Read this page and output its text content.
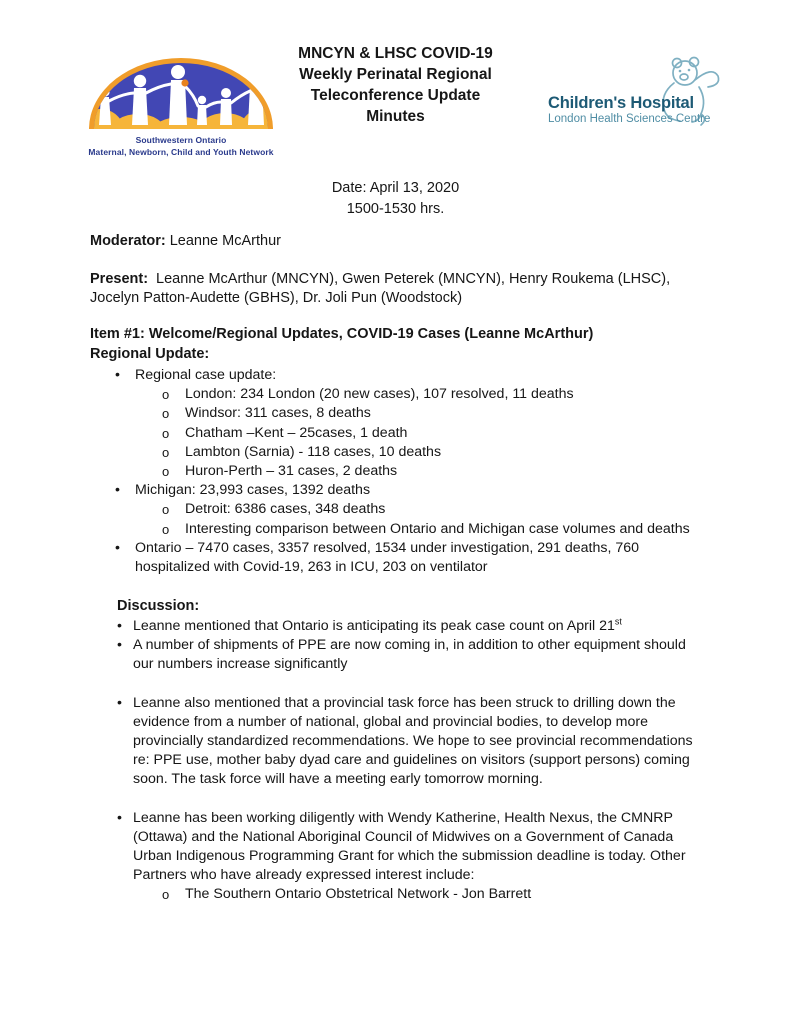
Southwestern Ontario
Maternal, Newborn, Child and Youth Network
MNCYN & LHSC COVID-19
Weekly Perinatal Regional
Teleconference Update
Minutes
Children's Hospital
London Health Sciences Centre
Date: April 13, 2020
1500-1530 hrs.
Moderator: Leanne McArthur
Present: Leanne McArthur (MNCYN), Gwen Peterek (MNCYN), Henry Roukema (LHSC), Jocelyn Patton-Audette (GBHS), Dr. Joli Pun (Woodstock)
Item #1: Welcome/Regional Updates, COVID-19 Cases (Leanne McArthur)
Regional Update:
•	Regional case update:
o	London: 234 London (20 new cases), 107 resolved, 11 deaths
o	Windsor: 311 cases, 8 deaths
o	Chatham –Kent – 25cases, 1 death
o	Lambton (Sarnia) - 118 cases, 10 deaths
o	Huron-Perth – 31 cases, 2 deaths
•	Michigan: 23,993 cases, 1392 deaths
o	Detroit: 6386 cases, 348 deaths
o	Interesting comparison between Ontario and Michigan case volumes and deaths
•	Ontario – 7470 cases, 3357 resolved, 1534 under investigation, 291 deaths, 760 hospitalized with Covid-19, 263 in ICU, 203 on ventilator
Discussion:
• Leanne mentioned that Ontario is anticipating its peak case count on April 21st
• A number of shipments of PPE are now coming in, in addition to other equipment should our numbers increase significantly
• Leanne also mentioned that a provincial task force has been struck to drilling down the evidence from a number of national, global and provincial bodies, to develop more provincially standardized recommendations. We hope to see provincial recommendations re: PPE use, mother baby dyad care and guidelines on visitors (support persons) coming soon. The task force will have a meeting early tomorrow morning.
• Leanne has been working diligently with Wendy Katherine, Health Nexus, the CMNRP (Ottawa) and the National Aboriginal Council of Midwives on a Government of Canada Urban Indigenous Programming Grant for which the submission deadline is today. Other Partners who have already expressed interest include:
o	The Southern Ontario Obstetrical Network - Jon Barrett
